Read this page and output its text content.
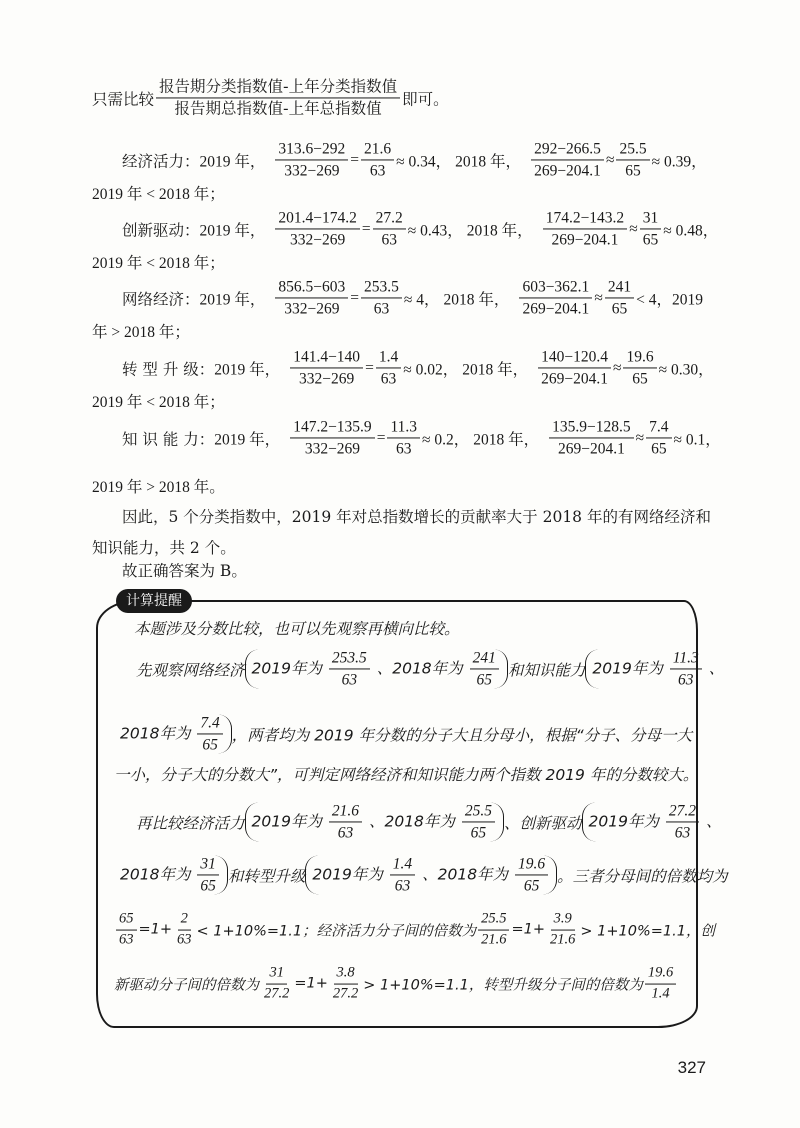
只需比较 $\frac{\text{报告期分类指数值-上年分类指数值}}{\text{报告期总指数值-上年总指数值}}$ 即可。
经济活力： 2019 年， $\frac{313.6-292}{332-269} = \frac{21.6}{63} \approx 0.34$， 2018 年， $\frac{292-266.5}{269-204.1} \approx \frac{25.5}{65} \approx 0.39$，
2019 年 < 2018 年；
创新驱动： 2019 年， $\frac{201.4-174.2}{332-269} = \frac{27.2}{63} \approx 0.43$， 2018 年， $\frac{174.2-143.2}{269-204.1} \approx \frac{31}{65} \approx 0.48$，
2019 年 < 2018 年；
网络经济： 2019 年， $\frac{856.5-603}{332-269} = \frac{253.5}{63} \approx 4$， 2018 年， $\frac{603-362.1}{269-204.1} \approx \frac{241}{65} < 4$，2019
年 > 2018 年；
转 型 升 级： 2019 年， $\frac{141.4-140}{332-269} = \frac{1.4}{63} \approx 0.02$， 2018 年， $\frac{140-120.4}{269-204.1} \approx \frac{19.6}{65} \approx 0.30$，
2019 年 < 2018 年；
知 识 能 力： 2019 年， $\frac{147.2-135.9}{332-269} = \frac{11.3}{63} \approx 0.2$， 2018 年， $\frac{135.9-128.5}{269-204.1} \approx \frac{7.4}{65} \approx 0.1$，
2019 年 > 2018 年。
因此，5 个分类指数中，2019 年对总指数增长的贡献率大于 2018 年的有网络经济和
知识能力，共 2 个。
故正确答案为 B。
计算提醒
本题涉及分数比较，也可以先观察再横向比较。
先观察网络经济 2019年为 $\frac{253.5}{63}$ 、2018年为 $\frac{241}{65}$ 和知识能力 2019年为 $\frac{11.3}{63}$ 、
2018年为 $\frac{7.4}{65}$ ，两者均为 2019 年分数的分子大且分母小，根据“分子、分母一大
一小，分子大的分数大”，可判定网络经济和知识能力两个指数 2019 年的分数较大。
再比较经济活力 2019年为 $\frac{21.6}{63}$ 、2018年为 $\frac{25.5}{65}$ 、创新驱动 2019年为 $\frac{27.2}{63}$ 、
2018年为 $\frac{31}{65}$ 和转型升级 2019年为 $\frac{1.4}{63}$ 、2018年为 $\frac{19.6}{65}$ 。三者分母间的倍数均为
$\frac{65}{63} =1+ \frac{2}{63} < 1+10\%=1.1$；经济活力分子间的倍数为 $\frac{25.5}{21.6} =1+ \frac{3.9}{21.6} > 1+10\%=1.1$，创
新驱动分子间的倍数为 $\frac{31}{27.2} =1+ \frac{3.8}{27.2} > 1+10\%=1.1$，转型升级分子间的倍数为 $\frac{19.6}{1.4}$
327
